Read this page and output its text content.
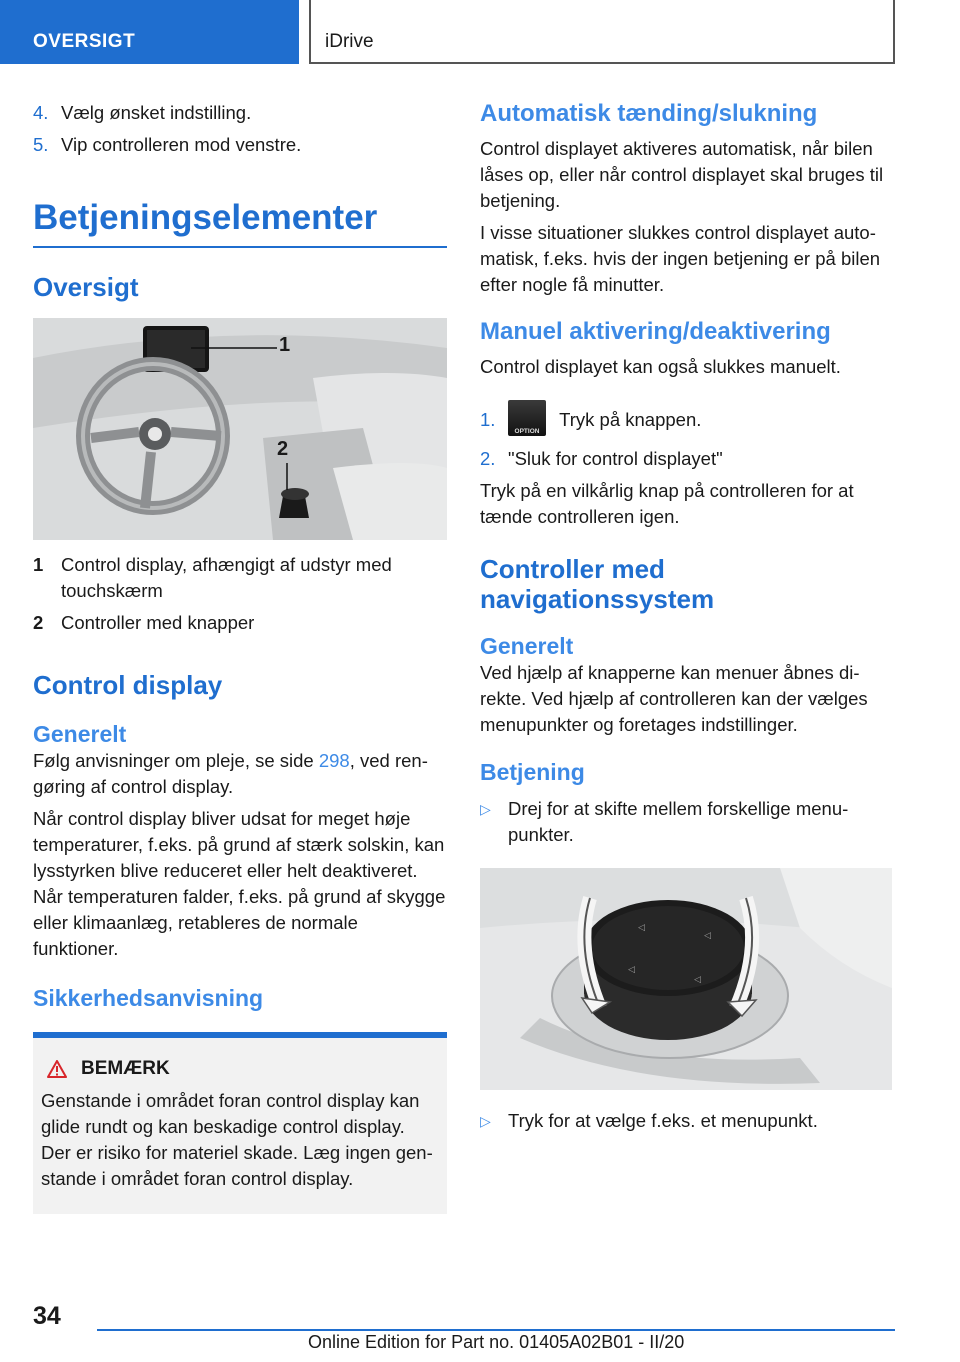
OVERSIGT	iDrive
4. Vælg ønsket indstilling.
5. Vip controlleren mod venstre.
Betjeningselementer
Oversigt
1
2
1 Control display, afhængigt af udstyr med touchskærm
2 Controller med knapper
Control display
Generelt

Følg anvisninger om pleje, se side 298, ved rengøring af control display.

Når control display bliver udsat for meget høje temperaturer, f.eks. på grund af stærk solskin, kan lysstyrken blive reduceret eller helt deaktiveret. Når temperaturen falder, f.eks. på grund af skygge eller klimaanlæg, retableres de normale funktioner.

Sikkerhedsanvisning
BEMÆRK

Genstande i området foran control display kan glide rundt og kan beskadige control display. Der er risiko for materiel skade. Læg ingen genstande i området foran control display.

Automatisk tænding/slukning

Control displayet aktiveres automatisk, når bilen låses op, eller når control displayet skal bruges til betjening.

I visse situationer slukkes control displayet automatisk, f.eks. hvis der ingen betjening er på bilen efter nogle få minutter.

Manuel aktivering/deaktivering

Control displayet kan også slukkes manuelt.

1.
OPTION
Tryk på knappen.
2. "Sluk for control displayet"

Tryk på en vilkårlig knap på controlleren for at tænde controlleren igen.

Controller med navigationssystem
Generelt

Ved hjælp af knapperne kan menuer åbnes direkte. Ved hjælp af controlleren kan der vælges menupunkter og foretages indstillinger.

Betjening
▷ Drej for at skifte mellem forskellige menupunkter.
◁
◁
◁
◁
▷ Tryk for at vælge f.eks. et menupunkt.
34
Online Edition for Part no. 01405A02B01 - II/20
